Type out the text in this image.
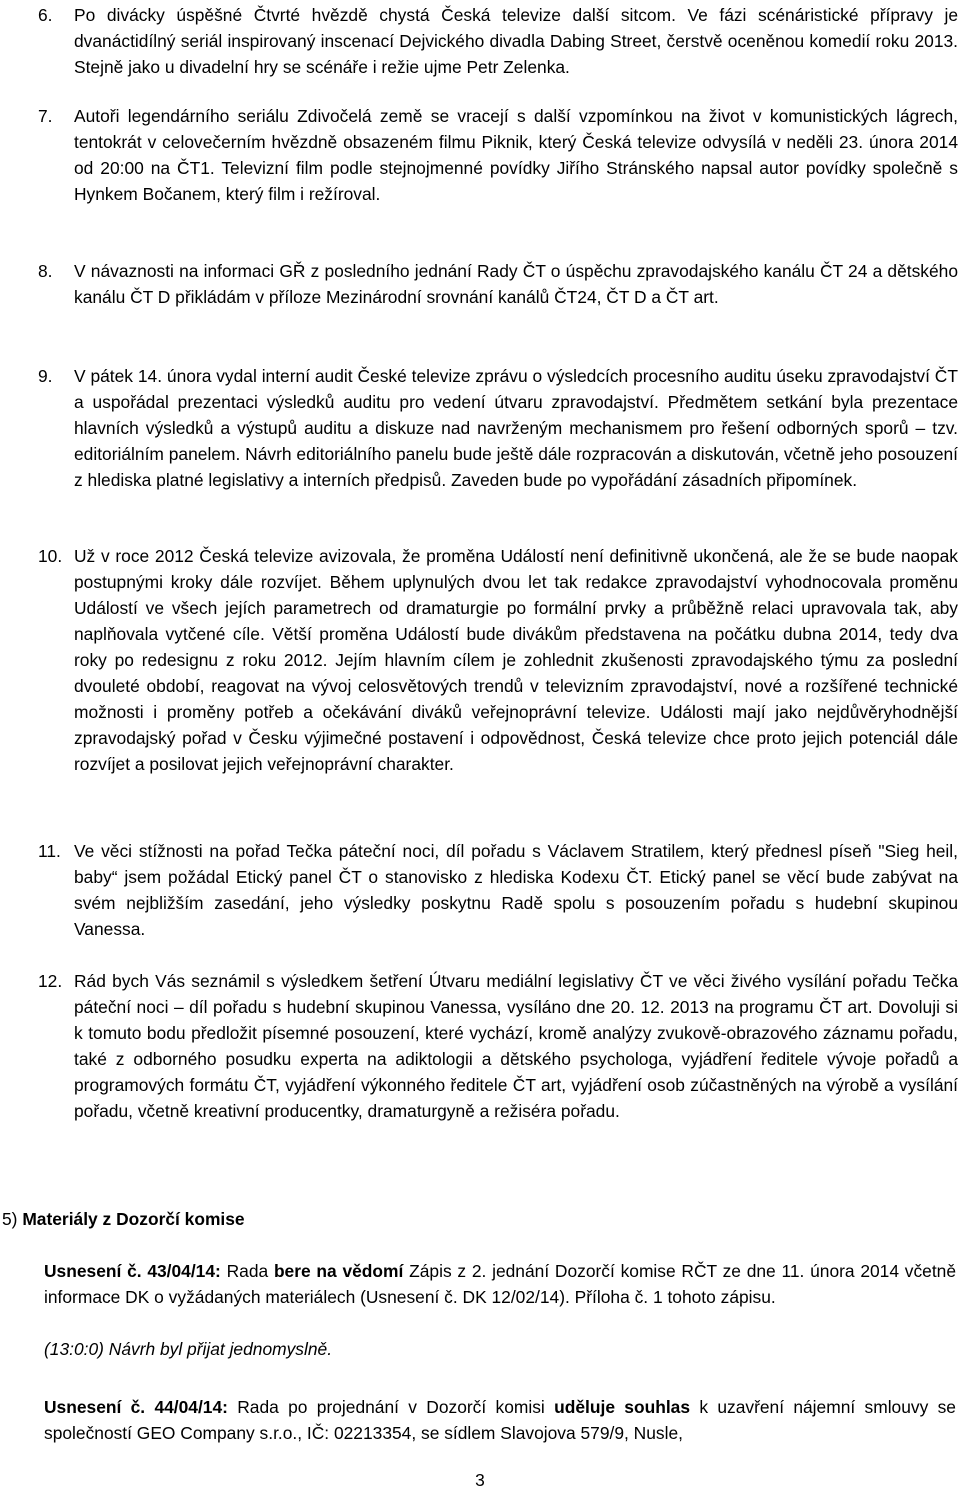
6. Po divácky úspěšné Čtvrté hvězdě chystá Česká televize další sitcom. Ve fázi scénáristické přípravy je dvanáctidílný seriál inspirovaný inscenací Dejvického divadla Dabing Street, čerstvě oceněnou komedií roku 2013. Stejně jako u divadelní hry se scénáře i režie ujme Petr Zelenka.
7. Autoři legendárního seriálu Zdivočelá země se vracejí s další vzpomínkou na život v komunistických lágrech, tentokrát v celovečerním hvězdně obsazeném filmu Piknik, který Česká televize odvysílá v neděli 23. února 2014 od 20:00 na ČT1. Televizní film podle stejnojmenné povídky Jiřího Stránského napsal autor povídky společně s Hynkem Bočanem, který film i režíroval.
8. V návaznosti na informaci GŘ z posledního jednání Rady ČT o úspěchu zpravodajského kanálu ČT 24 a dětského kanálu ČT D přikládám v příloze Mezinárodní srovnání kanálů ČT24, ČT D a ČT art.
9. V pátek 14. února vydal interní audit České televize zprávu o výsledcích procesního auditu úseku zpravodajství ČT a uspořádal prezentaci výsledků auditu pro vedení útvaru zpravodajství. Předmětem setkání byla prezentace hlavních výsledků a výstupů auditu a diskuze nad navrženým mechanismem pro řešení odborných sporů – tzv. editoriálním panelem. Návrh editoriálního panelu bude ještě dále rozpracován a diskutován, včetně jeho posouzení z hlediska platné legislativy a interních předpisů. Zaveden bude po vypořádání zásadních připomínek.
10. Už v roce 2012 Česká televize avizovala, že proměna Událostí není definitivně ukončená, ale že se bude naopak postupnými kroky dále rozvíjet. Během uplynulých dvou let tak redakce zpravodajství vyhodnocovala proměnu Událostí ve všech jejích parametrech od dramaturgie po formální prvky a průběžně relaci upravovala tak, aby naplňovala vytčené cíle. Větší proměna Událostí bude divákům představena na počátku dubna 2014, tedy dva roky po redesignu z roku 2012. Jejím hlavním cílem je zohlednit zkušenosti zpravodajského týmu za poslední dvouleté období, reagovat na vývoj celosvětových trendů v televizním zpravodajství, nové a rozšířené technické možnosti i proměny potřeb a očekávání diváků veřejnoprávní televize. Události mají jako nejdůvěryhodnější zpravodajský pořad v Česku výjimečné postavení i odpovědnost, Česká televize chce proto jejich potenciál dále rozvíjet a posilovat jejich veřejnoprávní charakter.
11. Ve věci stížnosti na pořad Tečka páteční noci, díl pořadu s Václavem Stratilem, který přednesl píseň "Sieg heil, baby“ jsem požádal Etický panel ČT o stanovisko z hlediska Kodexu ČT. Etický panel se věcí bude zabývat na svém nejbližším zasedání, jeho výsledky poskytnu Radě spolu s posouzením pořadu s hudební skupinou Vanessa.
12. Rád bych Vás seznámil s výsledkem šetření Útvaru mediální legislativy ČT ve věci živého vysílání pořadu Tečka páteční noci – díl pořadu s hudební skupinou Vanessa, vysíláno dne 20. 12. 2013 na programu ČT art. Dovoluji si k tomuto bodu předložit písemné posouzení, které vychází, kromě analýzy zvukově-obrazového záznamu pořadu, také z odborného posudku experta na adiktologii a dětského psychologa, vyjádření ředitele vývoje pořadů a programových formátu ČT, vyjádření výkonného ředitele ČT art, vyjádření osob zúčastněných na výrobě a vysílání pořadu, včetně kreativní producentky, dramaturgyně a režiséra pořadu.
5) Materiály z Dozorčí komise
Usnesení č. 43/04/14: Rada bere na vědomí Zápis z 2. jednání Dozorčí komise RČT ze dne 11. února 2014 včetně informace DK o vyžádaných materiálech (Usnesení č. DK 12/02/14). Příloha č. 1 tohoto zápisu.
(13:0:0) Návrh byl přijat jednomyslně.
Usnesení č. 44/04/14: Rada po projednání v Dozorčí komisi uděluje souhlas k uzavření nájemní smlouvy se společností GEO Company s.r.o., IČ: 02213354, se sídlem Slavojova 579/9, Nusle,
3
